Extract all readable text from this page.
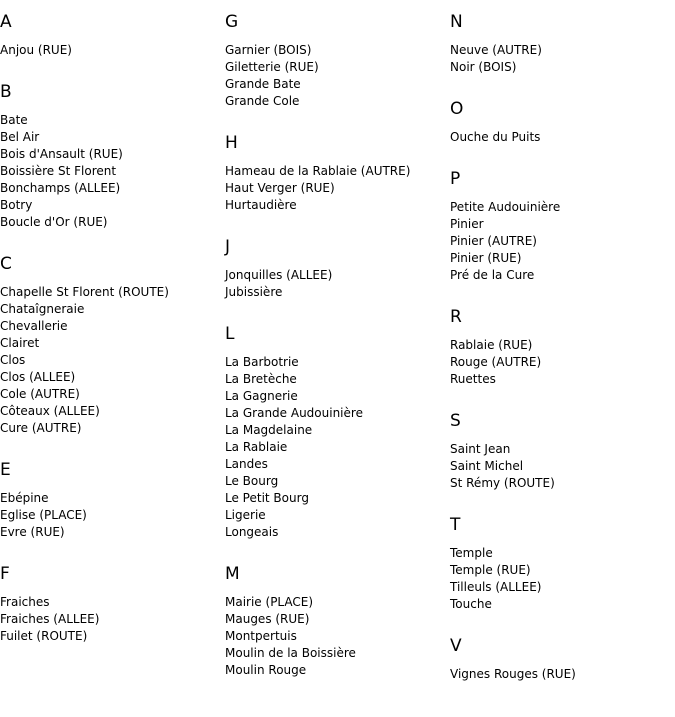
A
Anjou (RUE)
B
Bate
Bel Air
Bois d'Ansault (RUE)
Boissière St Florent
Bonchamps (ALLEE)
Botry
Boucle d'Or (RUE)
C
Chapelle St Florent (ROUTE)
Chataîgneraie
Chevallerie
Clairet
Clos
Clos (ALLEE)
Cole (AUTRE)
Côteaux (ALLEE)
Cure (AUTRE)
E
Ebépine
Eglise (PLACE)
Evre (RUE)
F
Fraiches
Fraiches (ALLEE)
Fuilet (ROUTE)
G
Garnier (BOIS)
Giletterie (RUE)
Grande Bate
Grande Cole
H
Hameau de la Rablaie (AUTRE)
Haut Verger (RUE)
Hurtaudière
J
Jonquilles (ALLEE)
Jubissière
L
La Barbotrie
La Bretèche
La Gagnerie
La Grande Audouinière
La Magdelaine
La Rablaie
Landes
Le Bourg
Le Petit Bourg
Ligerie
Longeais
M
Mairie (PLACE)
Mauges (RUE)
Montpertuis
Moulin de la Boissière
Moulin Rouge
N
Neuve (AUTRE)
Noir (BOIS)
O
Ouche du Puits
P
Petite Audouinière
Pinier
Pinier (AUTRE)
Pinier (RUE)
Pré de la Cure
R
Rablaie (RUE)
Rouge (AUTRE)
Ruettes
S
Saint Jean
Saint Michel
St Rémy (ROUTE)
T
Temple
Temple (RUE)
Tilleuls (ALLEE)
Touche
V
Vignes Rouges (RUE)
